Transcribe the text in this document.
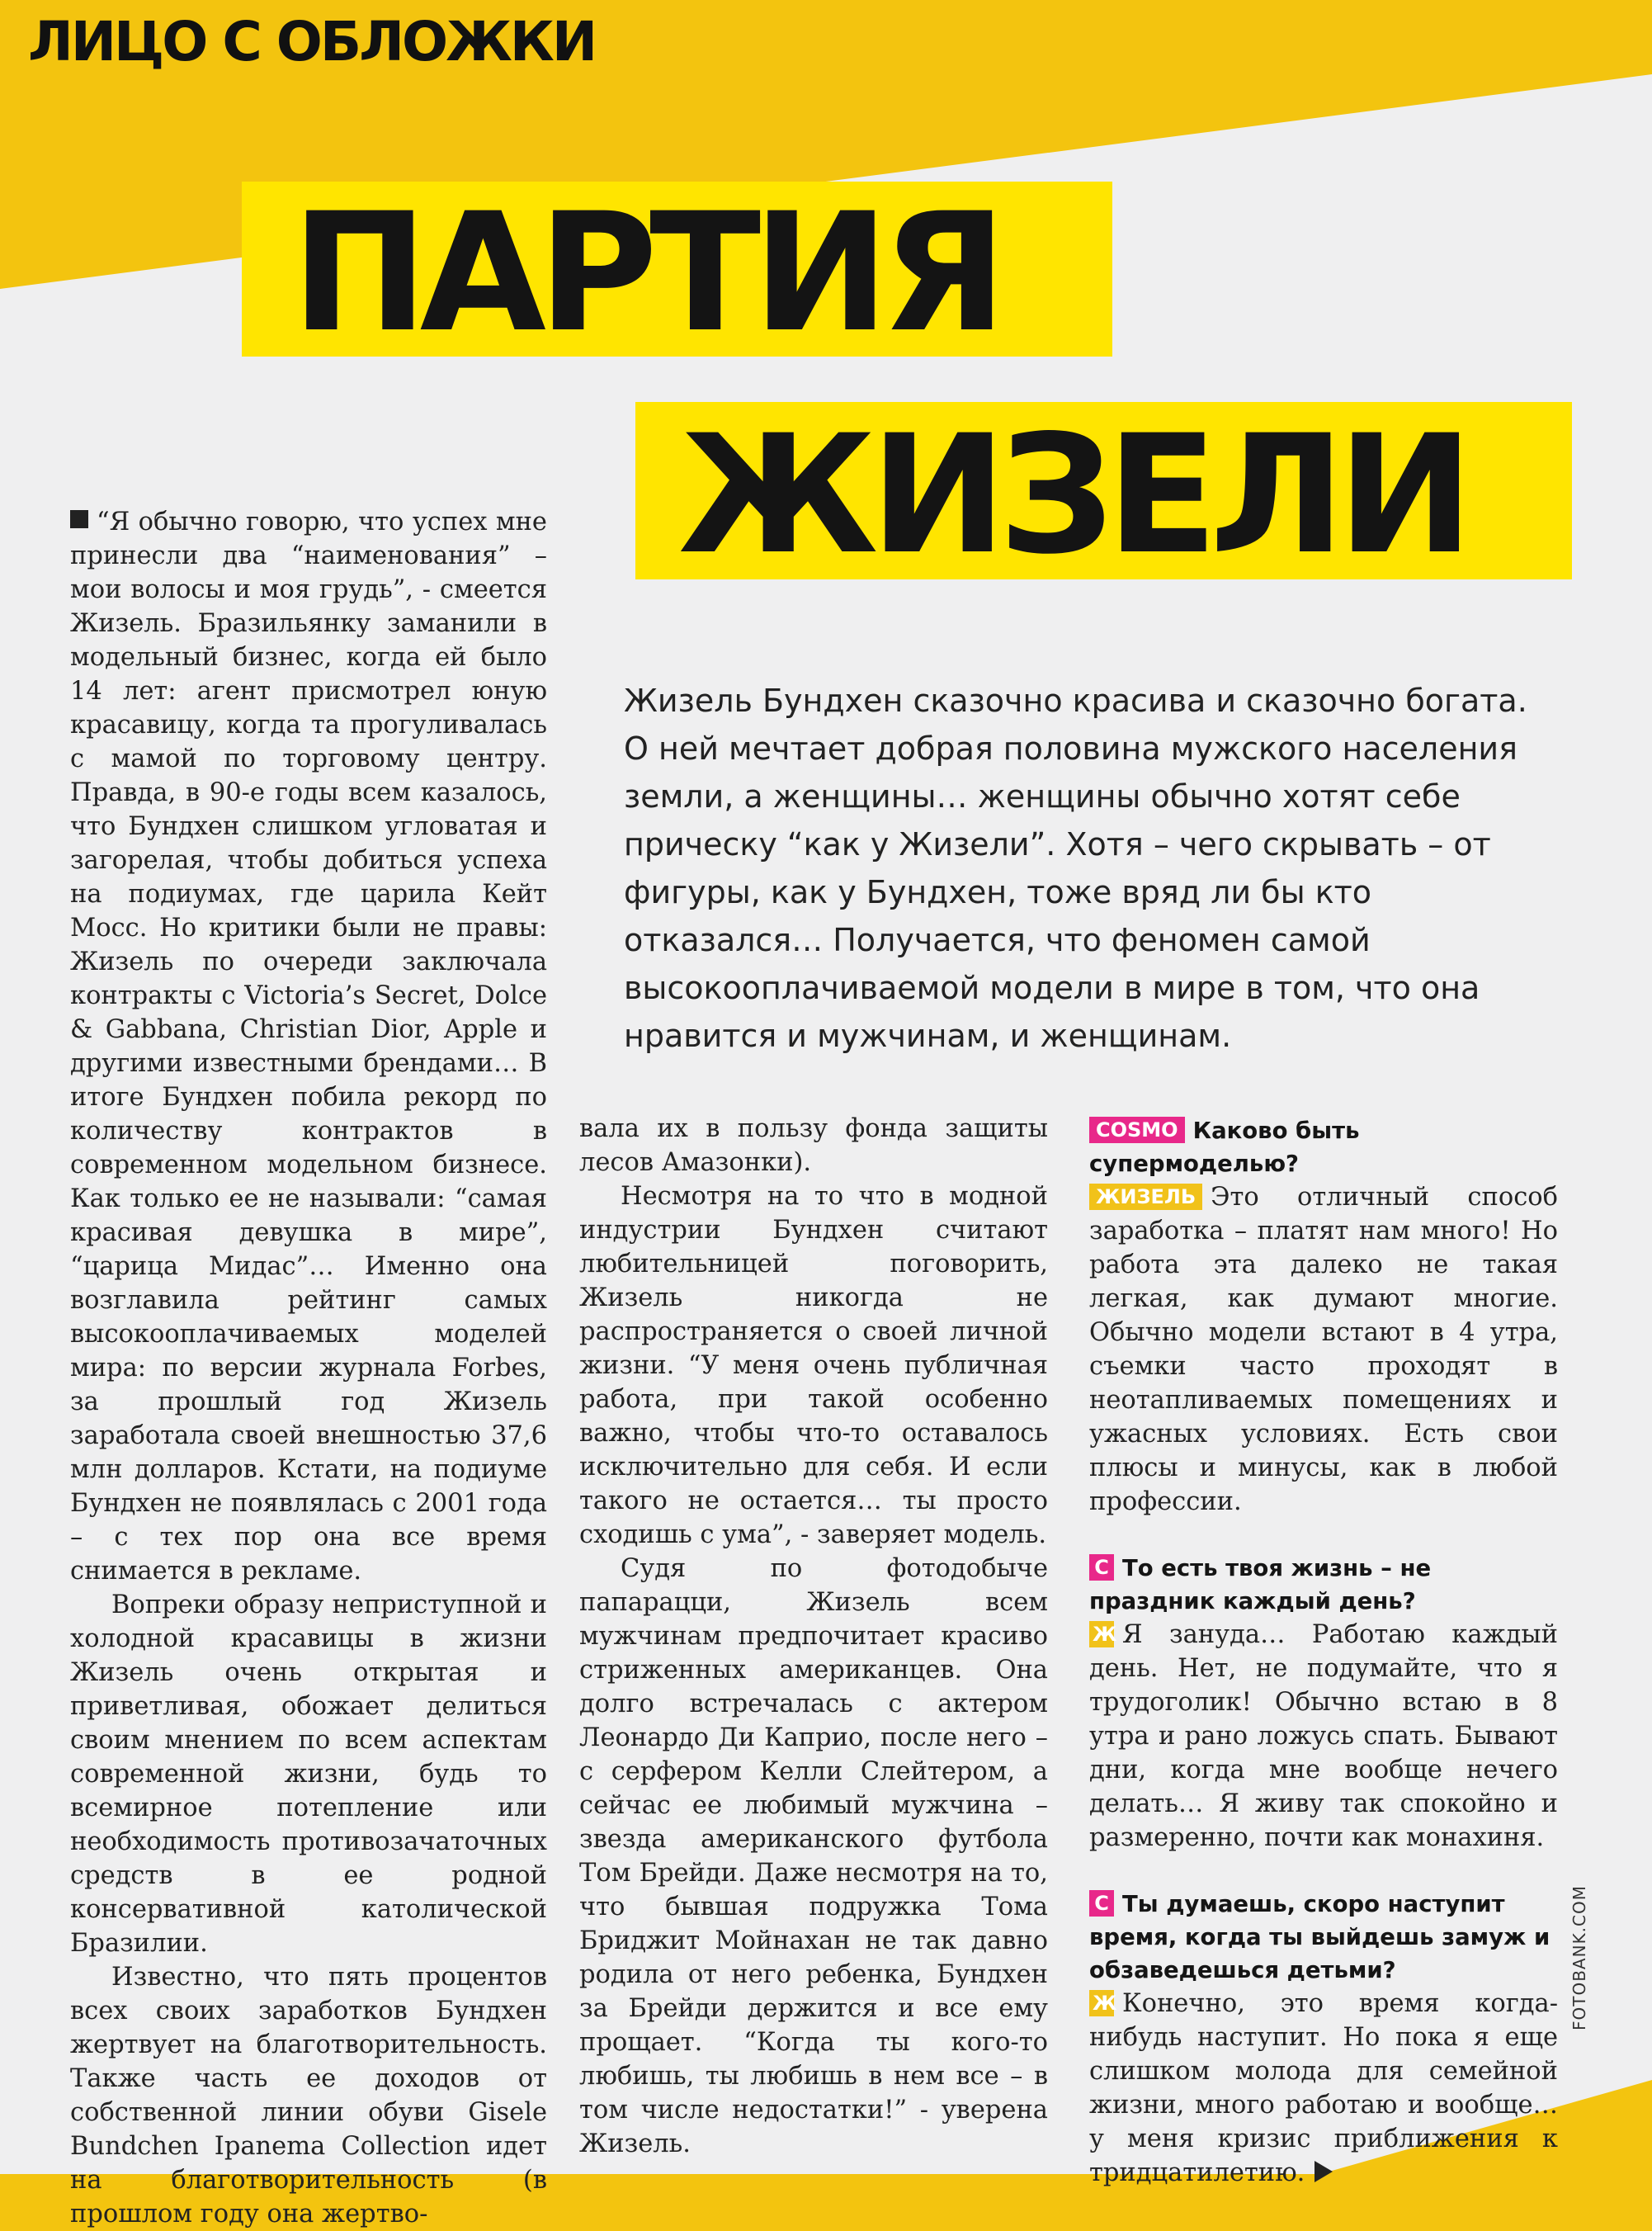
ЛИЦО С ОБЛОЖКИ
ПАРТИЯ
ЖИЗЕЛИ
Жизель Бундхен сказочно красива и сказочно богата. О ней мечтает добрая половина мужского населения земли, а женщины… женщины обычно хотят себе прическу “как у Жизели”. Хотя – чего скрывать – от фигуры, как у Бундхен, тоже вряд ли бы кто отказался… Получается, что феномен самой высокооплачиваемой модели в мире в том, что она нравится и мужчинам, и женщинам.

“Я обычно говорю, что успех мне принесли два “наименования” – мои волосы и моя грудь”, - смеется Жизель. Бразильянку заманили в модельный бизнес, когда ей было 14 лет: агент присмотрел юную красавицу, когда та прогуливалась с мамой по торговому центру. Правда, в 90-е годы всем казалось, что Бундхен слишком угловатая и загорелая, чтобы добиться успеха на подиумах, где царила Кейт Мосс. Но критики были не правы: Жизель по очереди заключала контракты с Victoria’s Secret, Dolce & Gabbana, Christian Dior, Apple и другими известными брендами… В итоге Бундхен побила рекорд по количеству контрактов в современном модельном бизнесе. Как только ее не называли: “самая красивая девушка в мире”, “царица Мидас”… Именно она возглавила рейтинг самых высокооплачиваемых моделей мира: по версии журнала Forbes, за прошлый год Жизель заработала своей внешностью 37,6 млн долларов. Кстати, на подиуме Бундхен не появлялась с 2001 года – с тех пор она все время снимается в рекламе.

Вопреки образу неприступной и холодной красавицы в жизни Жизель очень открытая и приветливая, обожает делиться своим мнением по всем аспектам современной жизни, будь то всемирное потепление или необходимость противозачаточных средств в ее родной консервативной католической Бразилии.

Известно, что пять процентов всех своих заработков Бундхен жертвует на благотворительность. Также часть ее доходов от собственной линии обуви Gisele Bundchen Ipanema Collection идет на благотворительность (в прошлом году она жертво-

вала их в пользу фонда защиты лесов Амазонки).

Несмотря на то что в модной индустрии Бундхен считают любительницей поговорить, Жизель никогда не распространяется о своей личной жизни. “У меня очень публичная работа, при такой особенно важно, чтобы что-то оставалось исключительно для себя. И если такого не остается… ты просто сходишь с ума”, - заверяет модель.

Судя по фотодобыче папарацци, Жизель всем мужчинам предпочитает красиво стриженных американцев. Она долго встречалась с актером Леонардо Ди Каприо, после него – с серфером Келли Слейтером, а сейчас ее любимый мужчина – звезда американского футбола Том Брейди. Даже несмотря на то, что бывшая подружка Тома Бриджит Мойнахан не так давно родила от него ребенка, Бундхен за Брейди держится и все ему прощает. “Когда ты кого-то любишь, ты любишь в нем все – в том числе недостатки!” - уверена Жизель.

COSMO Каково быть супермоделью?
ЖИЗЕЛЬ Это отличный способ заработка – платят нам много! Но работа эта далеко не такая легкая, как думают многие. Обычно модели встают в 4 утра, съемки часто проходят в неотапливаемых помещениях и ужасных условиях. Есть свои плюсы и минусы, как в любой профессии.
C То есть твоя жизнь – не праздник каждый день?
Ж Я зануда… Работаю каждый день. Нет, не подумайте, что я трудоголик! Обычно встаю в 8 утра и рано ложусь спать. Бывают дни, когда мне вообще нечего делать… Я живу так спокойно и размеренно, почти как монахиня.
C Ты думаешь, скоро наступит время, когда ты выйдешь замуж и обзаведешься детьми?
Ж Конечно, это время когда-нибудь наступит. Но пока я еще слишком молода для семейной жизни, много работаю и вообще… у меня кризис приближения к тридцатилетию.
FOTOBANK.COM
